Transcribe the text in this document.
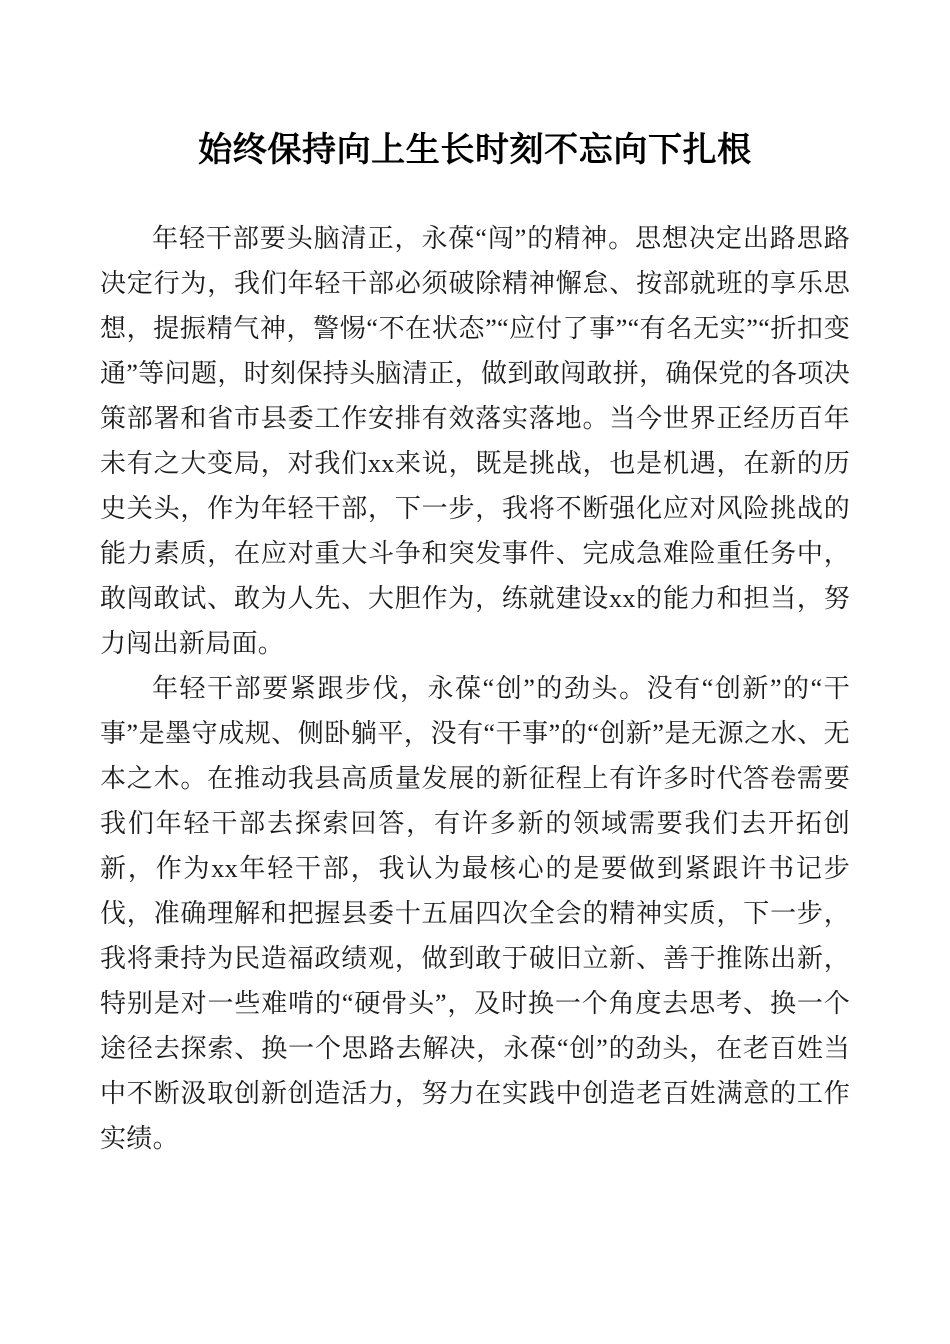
始终保持向上生长时刻不忘向下扎根

年轻干部要头脑清正，永葆“闯”的精神。思想决定出路思路决定行为，我们年轻干部必须破除精神懈怠、按部就班的享乐思想，提振精气神，警惕“不在状态”“应付了事”“有名无实”“折扣变通”等问题，时刻保持头脑清正，做到敢闯敢拼，确保党的各项决策部署和省市县委工作安排有效落实落地。当今世界正经历百年未有之大变局，对我们xx来说，既是挑战，也是机遇，在新的历史关头，作为年轻干部，下一步，我将不断强化应对风险挑战的能力素质，在应对重大斗争和突发事件、完成急难险重任务中，敢闯敢试、敢为人先、大胆作为，练就建设xx的能力和担当，努力闯出新局面。

年轻干部要紧跟步伐，永葆“创”的劲头。没有“创新”的“干事”是墨守成规、侧卧躺平，没有“干事”的“创新”是无源之水、无本之木。在推动我县高质量发展的新征程上有许多时代答卷需要我们年轻干部去探索回答，有许多新的领域需要我们去开拓创新，作为xx年轻干部，我认为最核心的是要做到紧跟许书记步伐，准确理解和把握县委十五届四次全会的精神实质，下一步，我将秉持为民造福政绩观，做到敢于破旧立新、善于推陈出新，特别是对一些难啃的“硬骨头”，及时换一个角度去思考、换一个途径去探索、换一个思路去解决，永葆“创”的劲头，在老百姓当中不断汲取创新创造活力，努力在实践中创造老百姓满意的工作实绩。
